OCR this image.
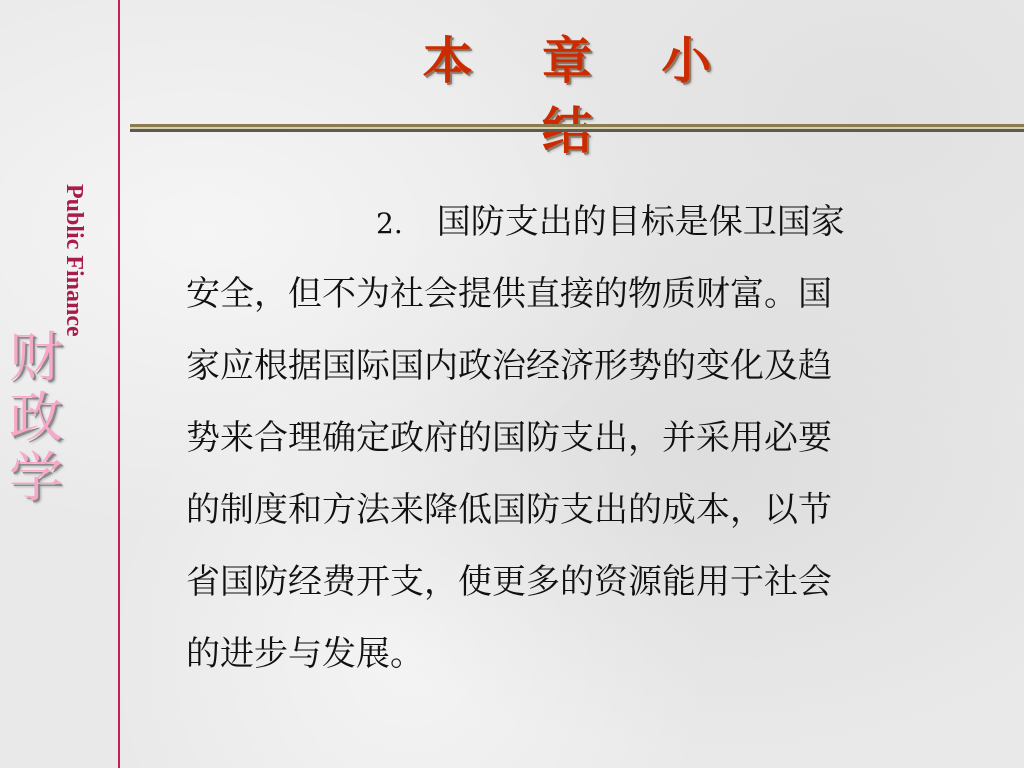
Public Finance
财
政
学
本 章 小
2. 国防支出的目标是保卫国家
安全，但不为社会提供直接的物质财富。国
家应根据国际国内政治经济形势的变化及趋
势来合理确定政府的国防支出，并采用必要
的制度和方法来降低国防支出的成本，以节
省国防经费开支，使更多的资源能用于社会
的进步与发展。
